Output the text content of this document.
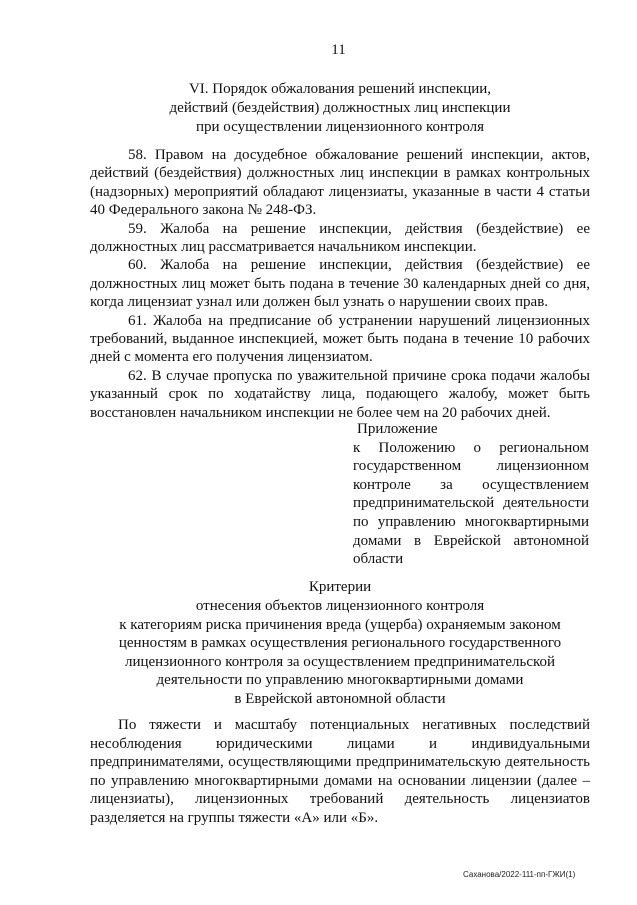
11
VI. Порядок обжалования решений инспекции,
действий (бездействия) должностных лиц инспекции
при осуществлении лицензионного контроля

58. Правом на досудебное обжалование решений инспекции, актов, действий (бездействия) должностных лиц инспекции в рамках контрольных (надзорных) мероприятий обладают лицензиаты, указанные в части 4 статьи 40 Федерального закона № 248-ФЗ.

59. Жалоба на решение инспекции, действия (бездействие) ее должностных лиц рассматривается начальником инспекции.

60. Жалоба на решение инспекции, действия (бездействие) ее должностных лиц может быть подана в течение 30 календарных дней со дня, когда лицензиат узнал или должен был узнать о нарушении своих прав.

61. Жалоба на предписание об устранении нарушений лицензионных требований, выданное инспекцией, может быть подана в течение 10 рабочих дней с момента его получения лицензиатом.

62. В случае пропуска по уважительной причине срока подачи жалобы указанный срок по ходатайству лица, подающего жалобу, может быть восстановлен начальником инспекции не более чем на 20 рабочих дней.

Приложение
к Положению о региональном государственном лицензионном контроле за осуществлением предпринимательской деятельности по управлению многоквартирными домами в Еврейской автономной области
Критерии
отнесения объектов лицензионного контроля
к категориям риска причинения вреда (ущерба) охраняемым законом
ценностям в рамках осуществления регионального государственного
лицензионного контроля за осуществлением предпринимательской
деятельности по управлению многоквартирными домами
в Еврейской автономной области

По тяжести и масштабу потенциальных негативных последствий несоблюдения юридическими лицами и индивидуальными предпринимателями, осуществляющими предпринимательскую деятельность по управлению многоквартирными домами на основании лицензии (далее – лицензиаты), лицензионных требований деятельность лицензиатов разделяется на группы тяжести «А» или «Б».

Саханова/2022-111-пп-ГЖИ(1)
